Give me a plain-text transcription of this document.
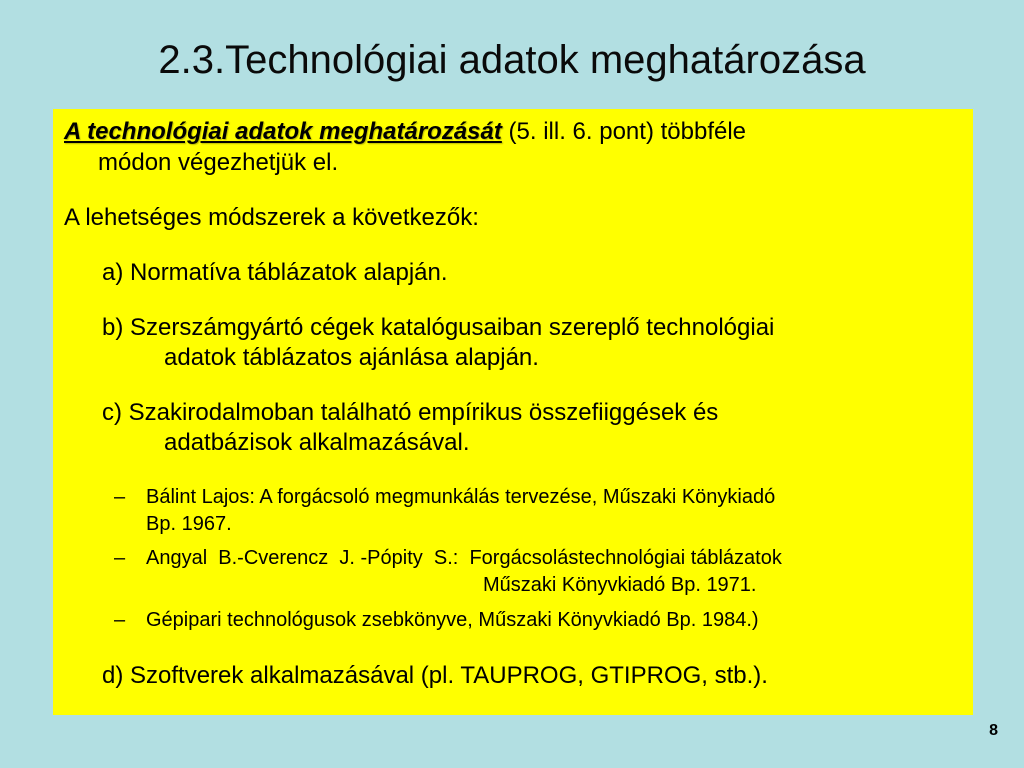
2.3.Technológiai adatok meghatározása
A technológiai adatok meghatározását (5. ill. 6. pont) többféle
módon végezhetjük el.
A lehetséges módszerek a következők:
a) Normatíva táblázatok alapján.
b) Szerszámgyártó cégek katalógusaiban szereplő technológiai
adatok táblázatos ajánlása alapján.
c) Szakirodalmoban található empírikus összefiiggések és
adatbázisok alkalmazásával.
– Bálint Lajos: A forgácsoló megmunkálás tervezése, Műszaki Könykiadó
Bp. 1967.
– Angyal  B.-Cverencz  J. -Pópity  S.:  Forgácsolástechnológiai táblázatok
Műszaki Könyvkiadó Bp. 1971.
– Gépipari technológusok zsebkönyve, Műszaki Könyvkiadó Bp. 1984.)
d) Szoftverek alkalmazásával (pl. TAUPROG, GTIPROG, stb.).
8
